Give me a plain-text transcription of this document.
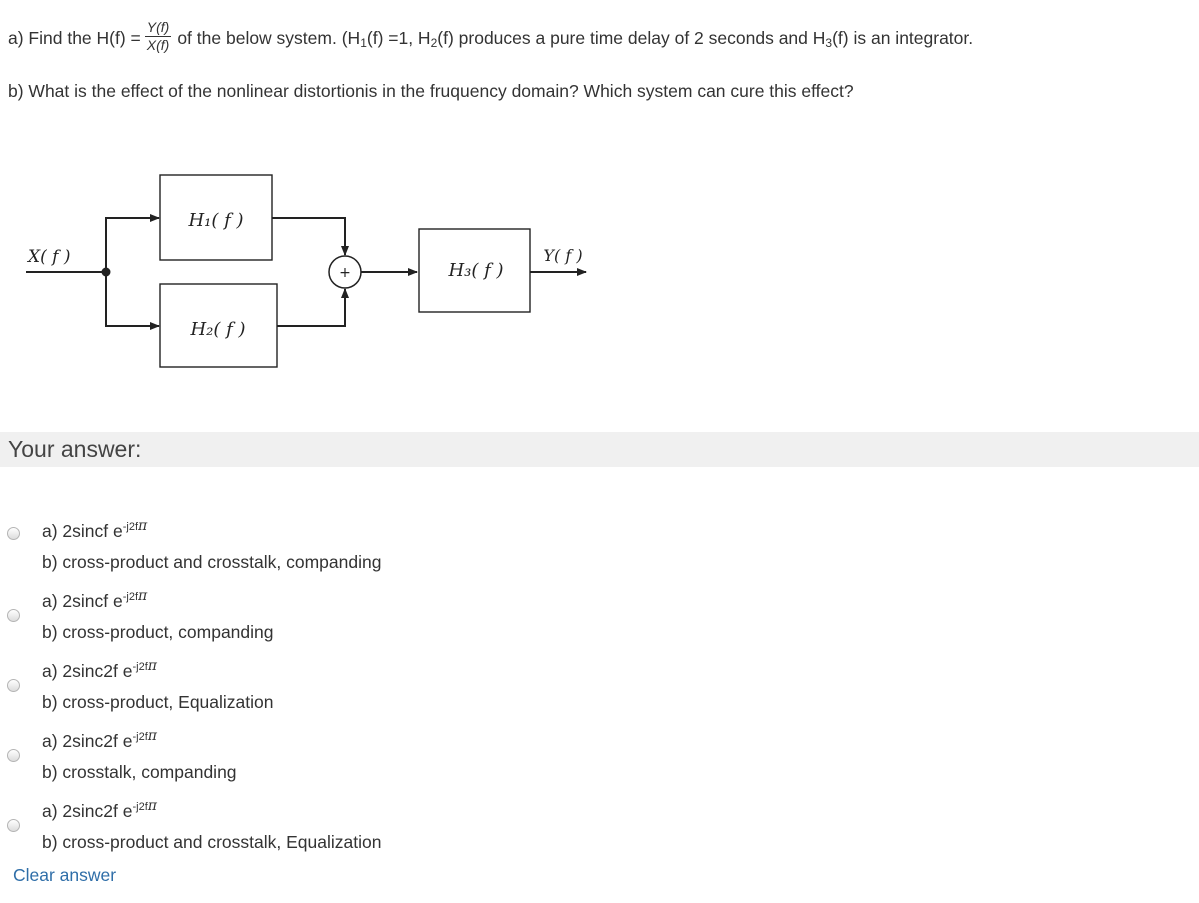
a) Find the $H(f) = \frac{Y(f)}{X(f)}$ of the below system. ($H_1(f) =1$, $H_2(f)$ produces a pure time delay of 2 seconds and $H_3(f)$ is an integrator.
b) What is the effect of the nonlinear distortionis in the fruquency domain? Which system can cure this effect?
X( f )
H₁( f )
H₂( f )
H₃( f )
Y( f )
+
Your answer:
a) 2sincf $e^{-j2f\pi}$
b) cross-product and crosstalk, companding
a) 2sincf $e^{-j2f\pi}$
b) cross-product, companding
a) 2sinc2f $e^{-j2f\pi}$
b) cross-product, Equalization
a) 2sinc2f $e^{-j2f\pi}$
b) crosstalk, companding
a) 2sinc2f $e^{-j2f\pi}$
b) cross-product and crosstalk, Equalization
Clear answer
